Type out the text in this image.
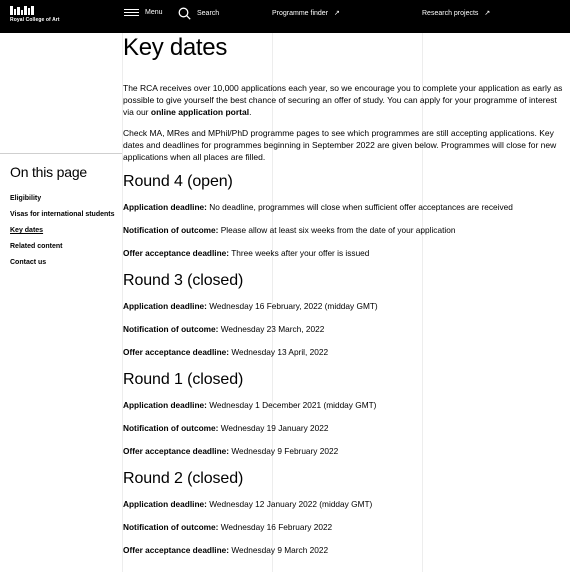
Royal College of Art
Menu	Search	Programme finder ↗	Research projects ↗
On this page
Eligibility
Visas for international students
Key dates
Related content
Contact us
Key dates

The RCA receives over 10,000 applications each year, so we encourage you to complete your application as early as possible to give yourself the best chance of securing an offer of study. You can apply for your programme of interest via our online application portal.

Check MA, MRes and MPhil/PhD programme pages to see which programmes are still accepting applications. Key dates and deadlines for programmes beginning in September 2022 are given below. Programmes will close for new applications when all places are filled.

Round 4 (open)

Application deadline: No deadline, programmes will close when sufficient offer acceptances are received

Notification of outcome: Please allow at least six weeks from the date of your application

Offer acceptance deadline: Three weeks after your offer is issued

Round 3 (closed)

Application deadline: Wednesday 16 February, 2022 (midday GMT)

Notification of outcome: Wednesday 23 March, 2022

Offer acceptance deadline: Wednesday 13 April, 2022

Round 1 (closed)

Application deadline: Wednesday 1 December 2021 (midday GMT)

Notification of outcome: Wednesday 19 January 2022

Offer acceptance deadline: Wednesday 9 February 2022

Round 2 (closed)

Application deadline: Wednesday 12 January 2022 (midday GMT)

Notification of outcome: Wednesday 16 February 2022

Offer acceptance deadline: Wednesday 9 March 2022
